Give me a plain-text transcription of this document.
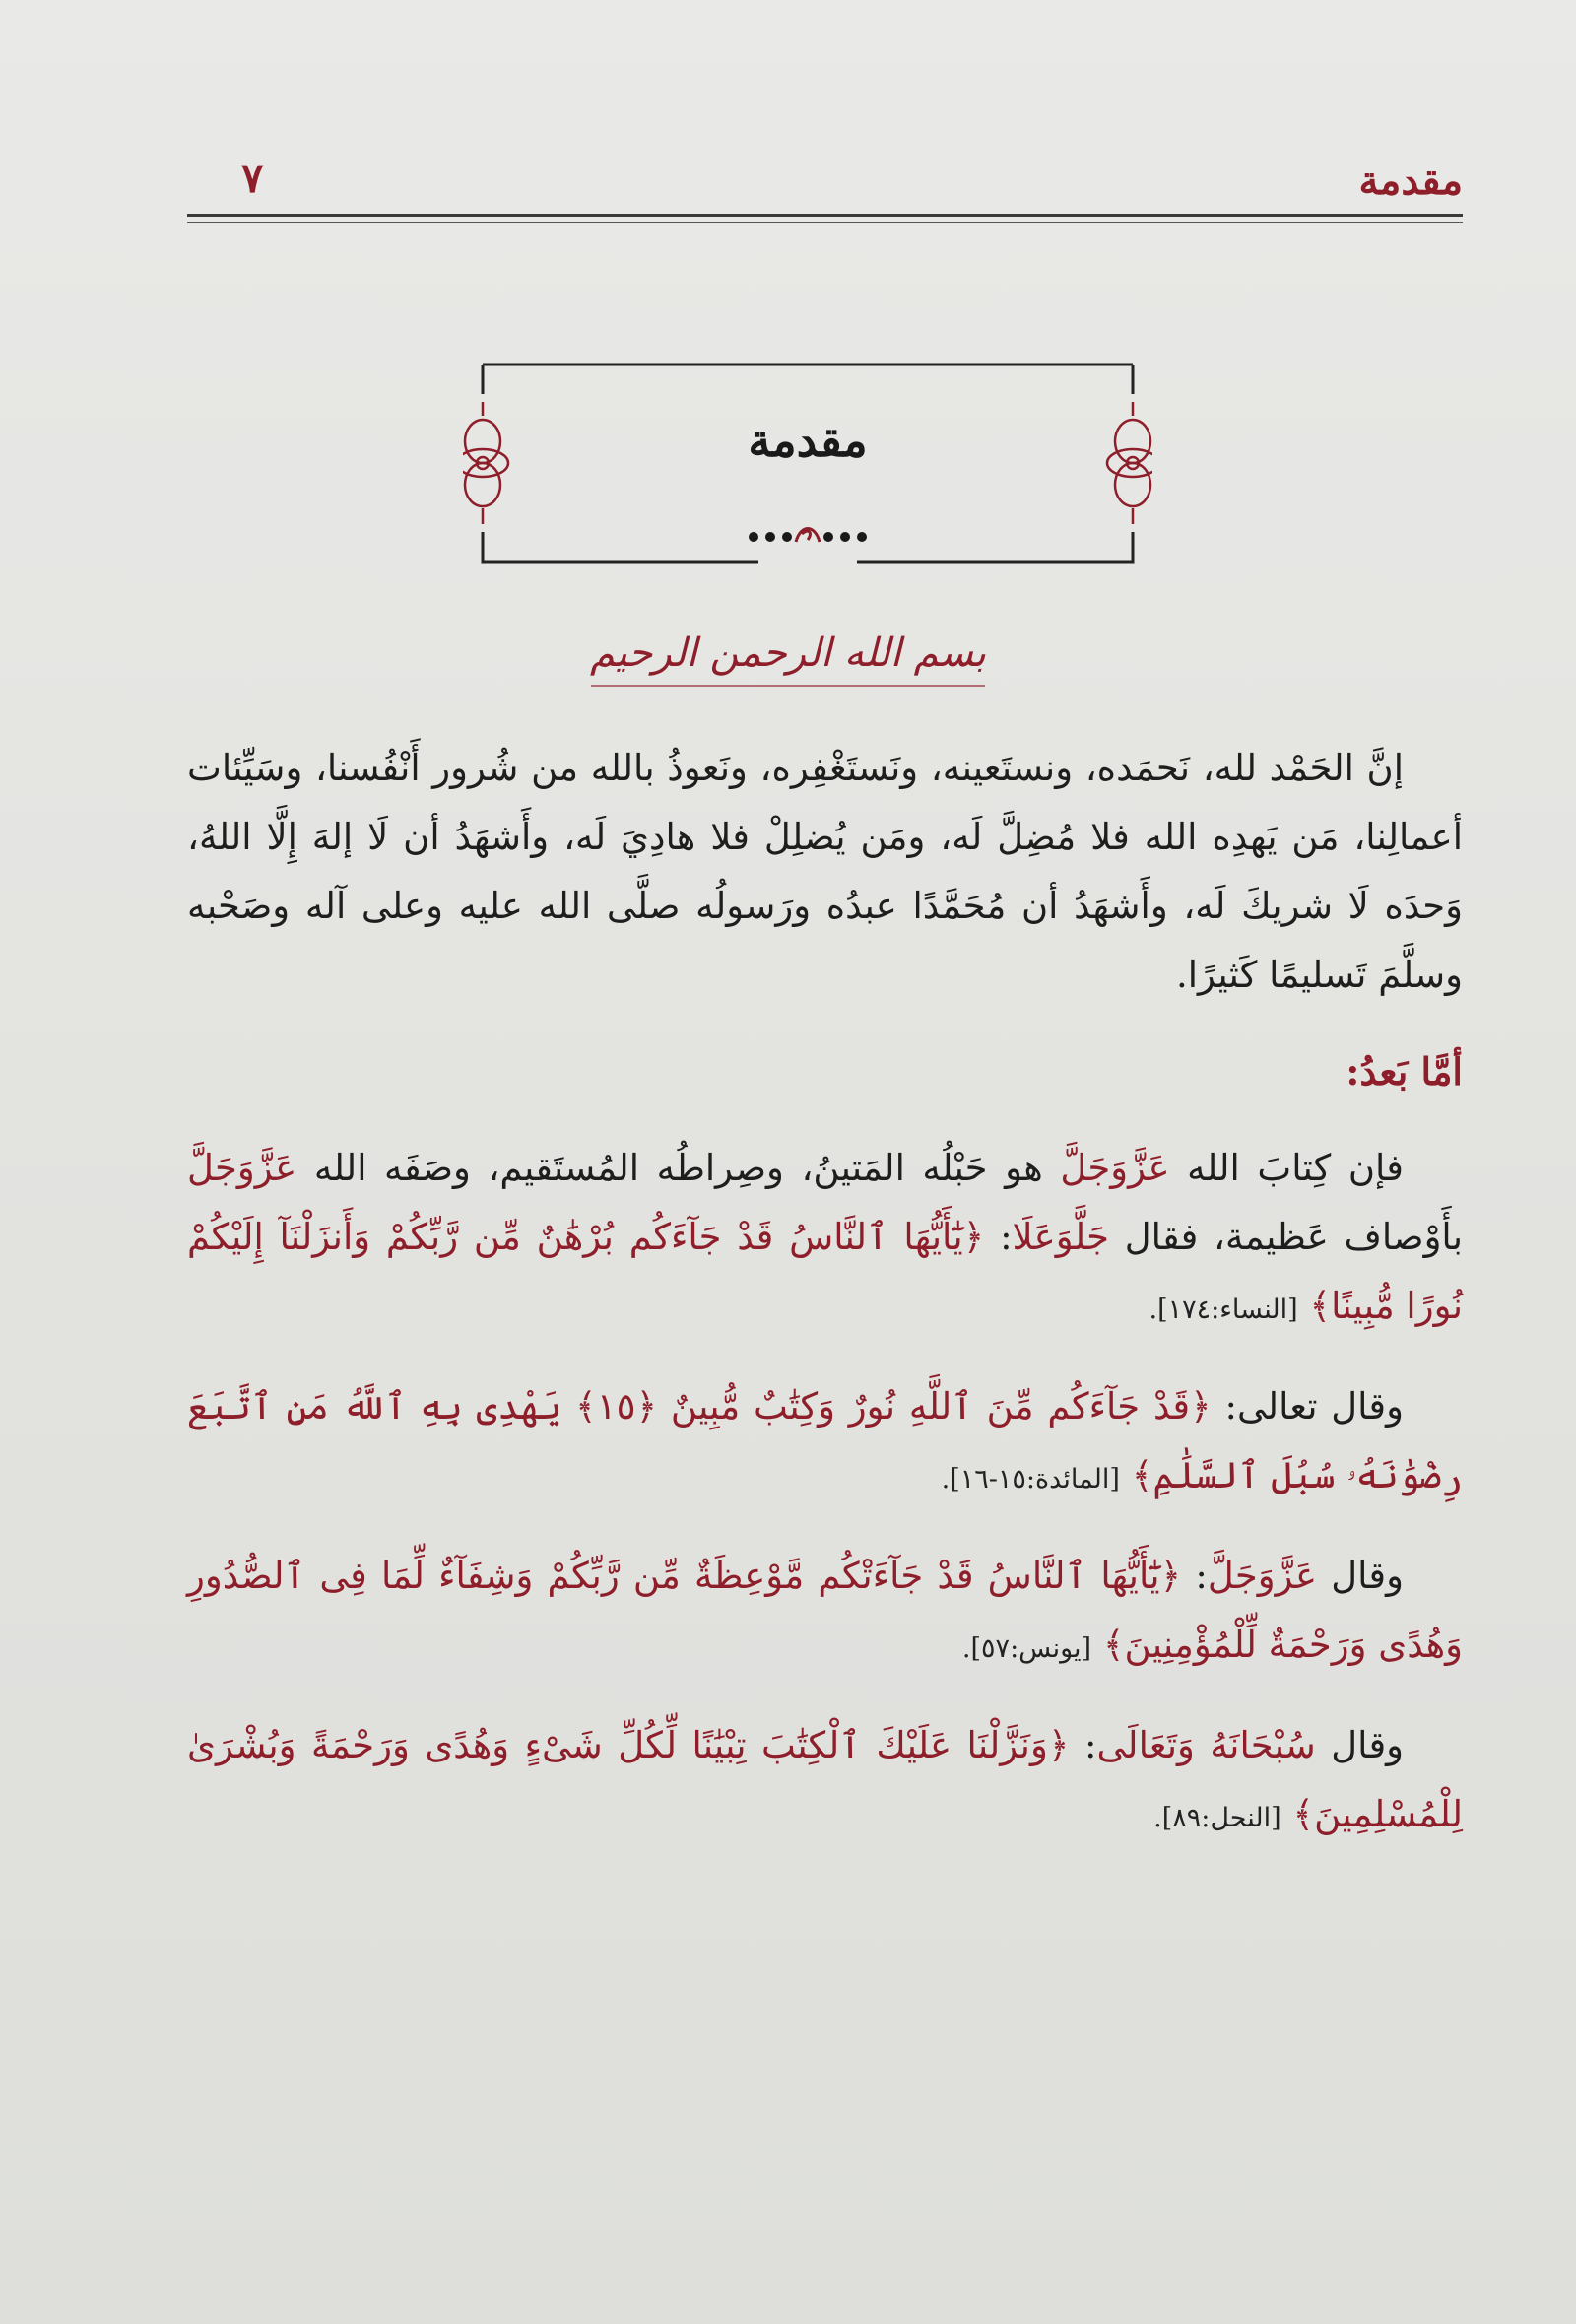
مقدمة
٧
مقدمة
بسم الله الرحمن الرحيم

إنَّ الحَمْد لله، نَحمَده، ونستَعينه، ونَستَغْفِره، ونَعوذُ بالله من شُرور أَنْفُسنا، وسَيِّئات أعمالِنا، مَن يَهدِه الله فلا مُضِلَّ لَه، ومَن يُضلِلْ فلا هادِيَ لَه، وأَشهَدُ أن لَا إلهَ إِلَّا اللهُ، وَحدَه لَا شريكَ لَه، وأَشهَدُ أن مُحَمَّدًا عبدُه ورَسولُه صلَّى الله عليه وعلى آله وصَحْبه وسلَّمَ تَسليمًا كَثيرًا.

أمَّا بَعدُ:

فإن كِتابَ الله عَزَّوَجَلَّ هو حَبْلُه المَتينُ، وصِراطُه المُستَقيم، وصَفَه الله عَزَّوَجَلَّ بأَوْصاف عَظيمة، فقال جَلَّوَعَلَا: ﴿يَٰٓأَيُّهَا ٱلنَّاسُ قَدْ جَآءَكُم بُرْهَٰنٌ مِّن رَّبِّكُمْ وَأَنزَلْنَآ إِلَيْكُمْ نُورًا مُّبِينًا﴾ [النساء:١٧٤].

وقال تعالى: ﴿قَدْ جَآءَكُم مِّنَ ٱللَّهِ نُورٌ وَكِتَٰبٌ مُّبِينٌ ﴿١٥﴾ يَهْدِى بِهِ ٱللَّهُ مَنِ ٱتَّبَعَ رِضْوَٰنَهُۥ سُبُلَ ٱلسَّلَٰمِ﴾ [المائدة:١٥-١٦].

وقال عَزَّوَجَلَّ: ﴿يَٰٓأَيُّهَا ٱلنَّاسُ قَدْ جَآءَتْكُم مَّوْعِظَةٌ مِّن رَّبِّكُمْ وَشِفَآءٌ لِّمَا فِى ٱلصُّدُورِ وَهُدًى وَرَحْمَةٌ لِّلْمُؤْمِنِينَ﴾ [يونس:٥٧].

وقال سُبْحَانَهُ وَتَعَالَى: ﴿وَنَزَّلْنَا عَلَيْكَ ٱلْكِتَٰبَ تِبْيَٰنًا لِّكُلِّ شَىْءٍ وَهُدًى وَرَحْمَةً وَبُشْرَىٰ لِلْمُسْلِمِينَ﴾ [النحل:٨٩].
